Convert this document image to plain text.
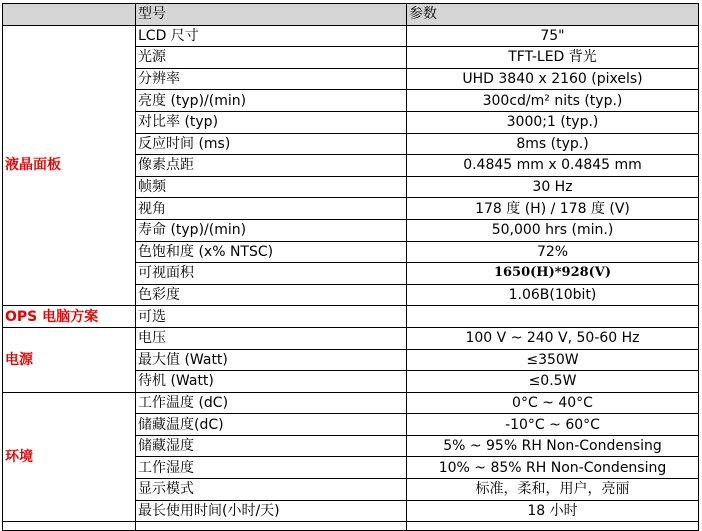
	型号	参数
液晶面板	LCD 尺寸	75"
	光源	TFT-LED 背光
	分辨率	UHD 3840 x 2160 (pixels)
	亮度 (typ)/(min)	300cd/m² nits (typ.)
	对比率 (typ)	3000;1 (typ.)
	反应时间 (ms)	8ms (typ.)
	像素点距	0.4845 mm x 0.4845 mm
	帧频	30 Hz
	视角	178 度 (H) / 178 度 (V)
	寿命 (typ)/(min)	50,000 hrs (min.)
	色饱和度 (x% NTSC)	72%
	可视面积	1650(H)*928(V)
	色彩度	1.06B(10bit)
OPS 电脑方案	可选	
电源	电压	100 V ~ 240 V, 50-60 Hz
	最大值 (Watt)	≤350W
	待机 (Watt)	≤0.5W
环境	工作温度 (dC)	0°C ~ 40°C
	储藏温度(dC)	-10°C ~ 60°C
	储藏湿度	5% ~ 95% RH Non-Condensing
	工作湿度	10% ~ 85% RH Non-Condensing
	显示模式	标准，柔和，用户，亮丽
	最长使用时间(小时/天)	18 小时
